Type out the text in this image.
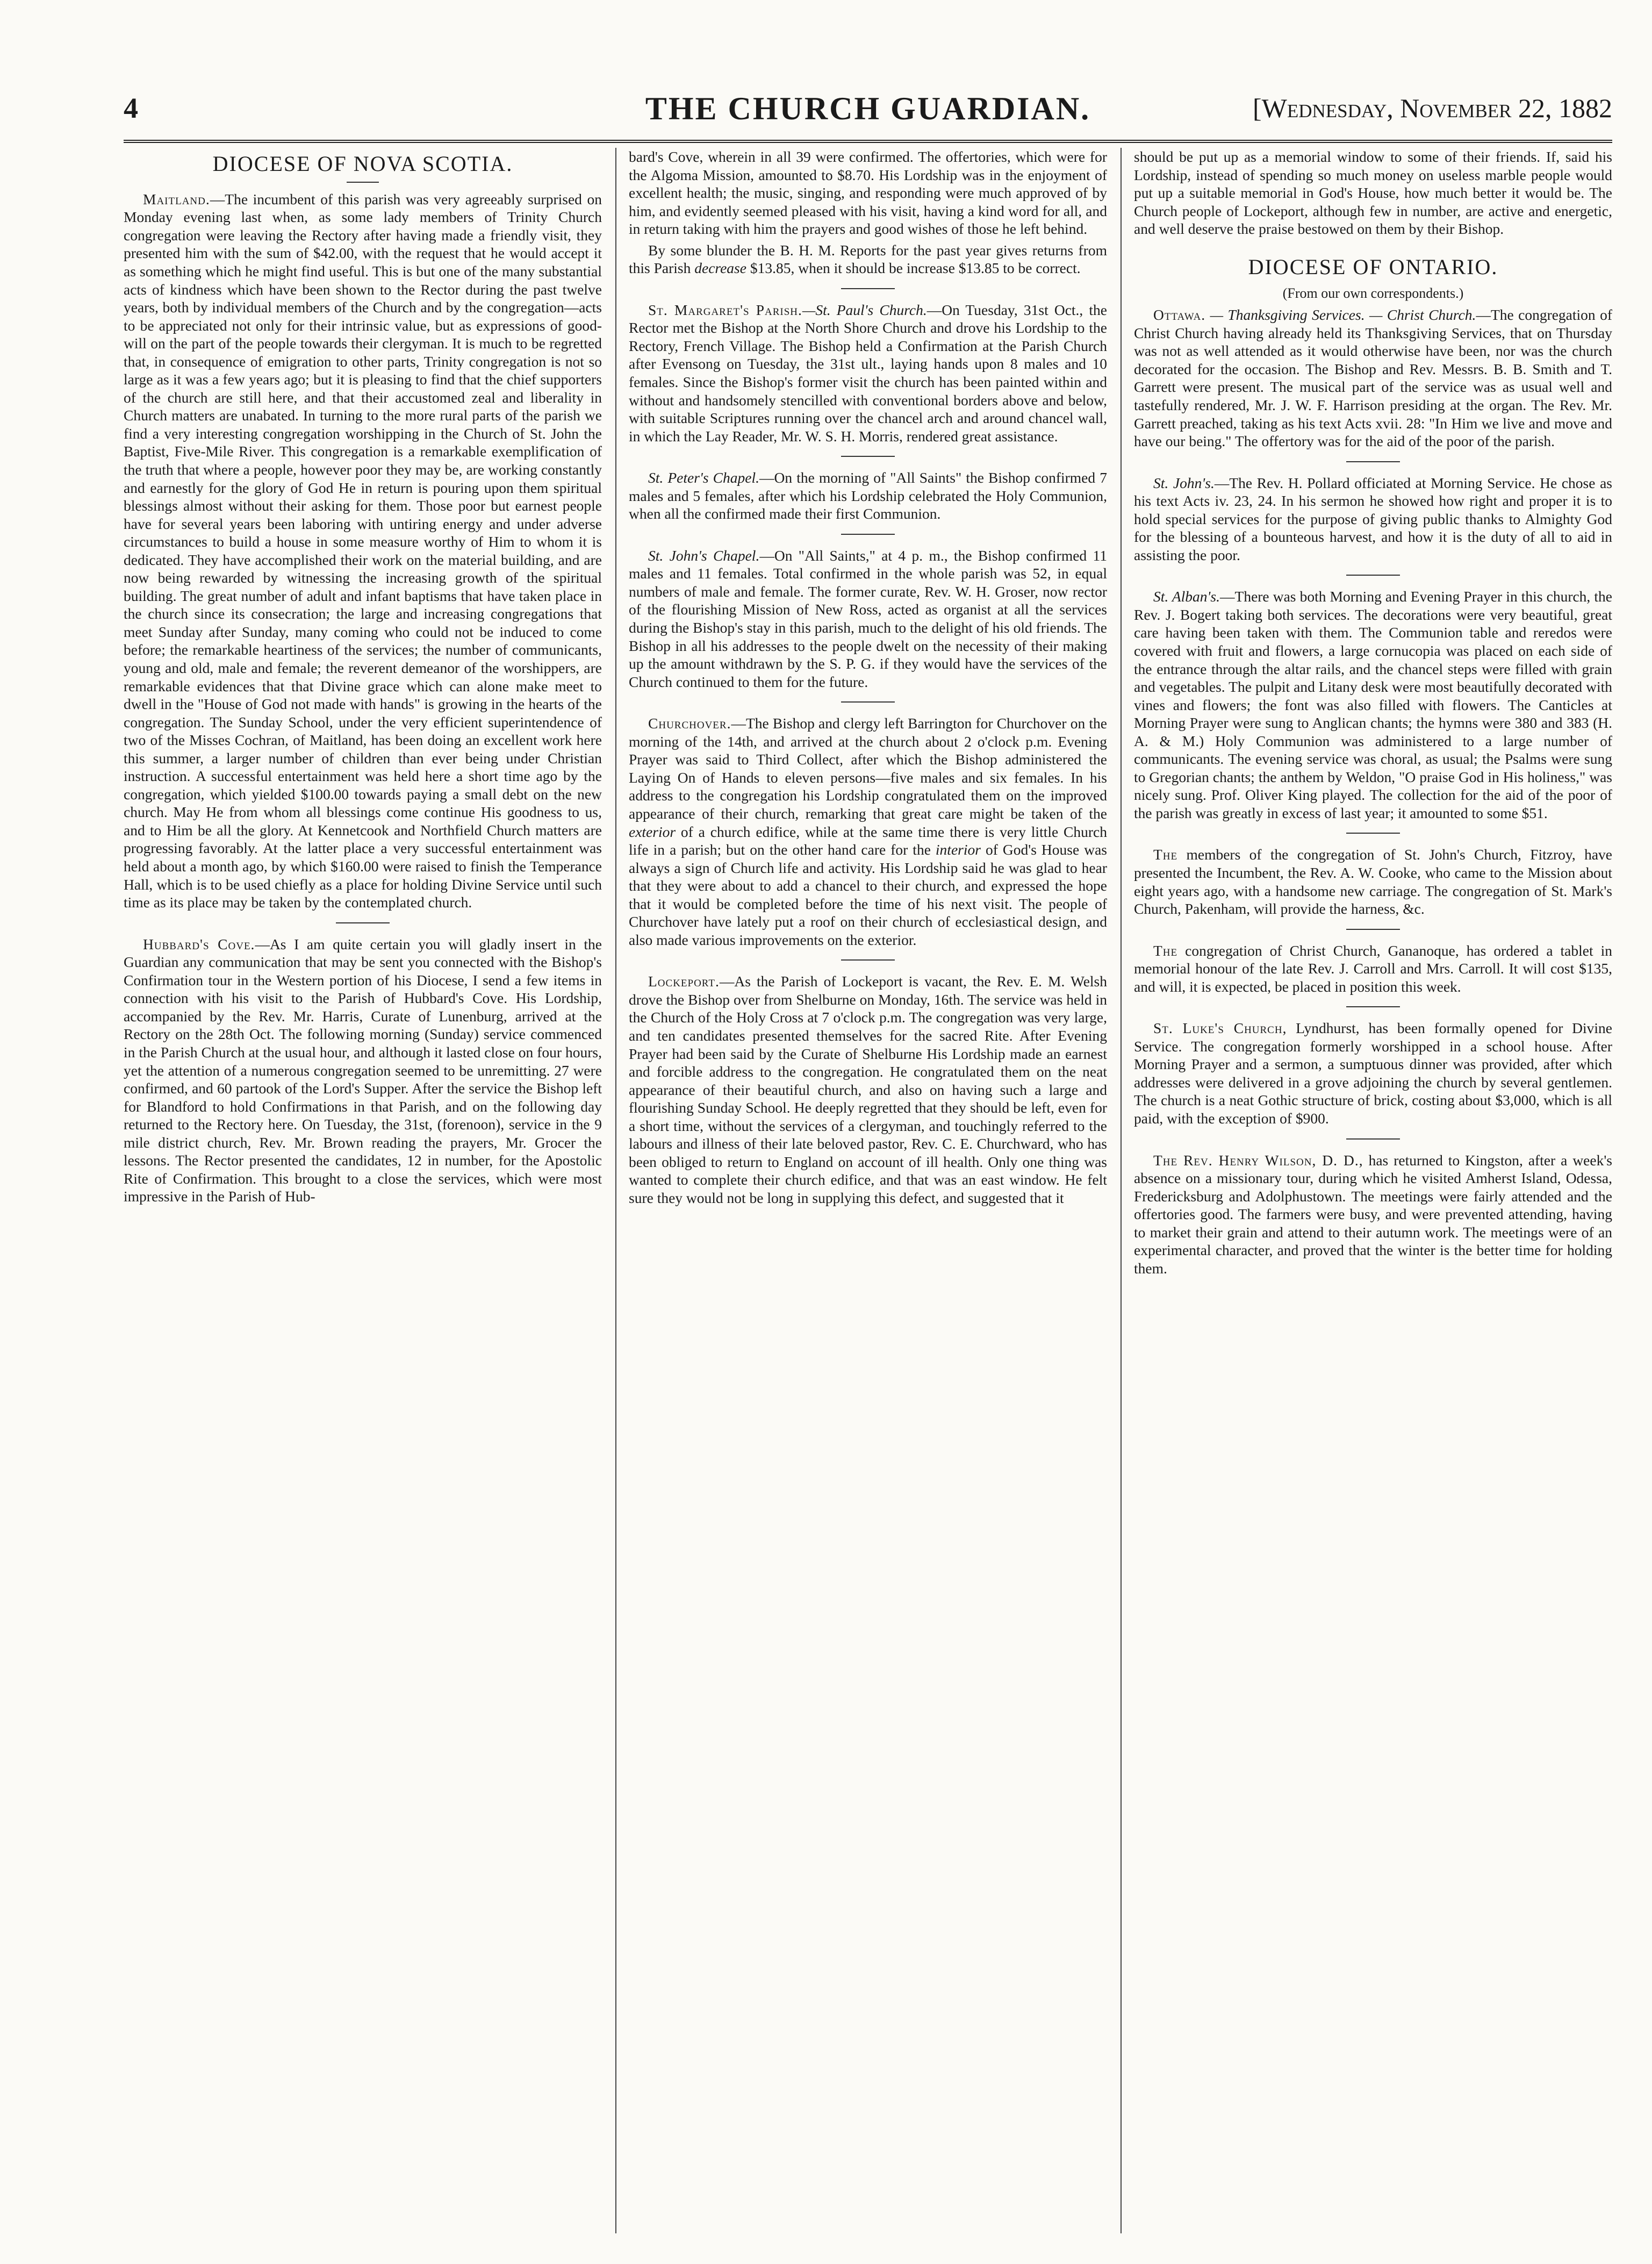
4	THE CHURCH GUARDIAN.	[Wednesday, November 22, 1882
DIOCESE OF NOVA SCOTIA.

Maitland.—The incumbent of this parish was very agreeably surprised on Monday evening last when, as some lady members of Trinity Church congregation were leaving the Rectory after having made a friendly visit, they presented him with the sum of $42.00, with the request that he would accept it as something which he might find useful. This is but one of the many substantial acts of kindness which have been shown to the Rector during the past twelve years, both by individual members of the Church and by the congregation—acts to be appreciated not only for their intrinsic value, but as expressions of good-will on the part of the people towards their clergyman. It is much to be regretted that, in consequence of emigration to other parts, Trinity congregation is not so large as it was a few years ago; but it is pleasing to find that the chief supporters of the church are still here, and that their accustomed zeal and liberality in Church matters are unabated. In turning to the more rural parts of the parish we find a very interesting congregation worshipping in the Church of St. John the Baptist, Five-Mile River. This congregation is a remarkable exemplification of the truth that where a people, however poor they may be, are working constantly and earnestly for the glory of God He in return is pouring upon them spiritual blessings almost without their asking for them. Those poor but earnest people have for several years been laboring with untiring energy and under adverse circumstances to build a house in some measure worthy of Him to whom it is dedicated. They have accomplished their work on the material building, and are now being rewarded by witnessing the increasing growth of the spiritual building. The great number of adult and infant baptisms that have taken place in the church since its consecration; the large and increasing congregations that meet Sunday after Sunday, many coming who could not be induced to come before; the remarkable heartiness of the services; the number of communicants, young and old, male and female; the reverent demeanor of the worshippers, are remarkable evidences that that Divine grace which can alone make meet to dwell in the "House of God not made with hands" is growing in the hearts of the congregation. The Sunday School, under the very efficient superintendence of two of the Misses Cochran, of Maitland, has been doing an excellent work here this summer, a larger number of children than ever being under Christian instruction. A successful entertainment was held here a short time ago by the congregation, which yielded $100.00 towards paying a small debt on the new church. May He from whom all blessings come continue His goodness to us, and to Him be all the glory. At Kennetcook and Northfield Church matters are progressing favorably. At the latter place a very successful entertainment was held about a month ago, by which $160.00 were raised to finish the Temperance Hall, which is to be used chiefly as a place for holding Divine Service until such time as its place may be taken by the contemplated church.

Hubbard's Cove.—As I am quite certain you will gladly insert in the Guardian any communication that may be sent you connected with the Bishop's Confirmation tour in the Western portion of his Diocese, I send a few items in connection with his visit to the Parish of Hubbard's Cove. His Lordship, accompanied by the Rev. Mr. Harris, Curate of Lunenburg, arrived at the Rectory on the 28th Oct. The following morning (Sunday) service commenced in the Parish Church at the usual hour, and although it lasted close on four hours, yet the attention of a numerous congregation seemed to be unremitting. 27 were confirmed, and 60 partook of the Lord's Supper. After the service the Bishop left for Blandford to hold Confirmations in that Parish, and on the following day returned to the Rectory here. On Tuesday, the 31st, (forenoon), service in the 9 mile district church, Rev. Mr. Brown reading the prayers, Mr. Grocer the lessons. The Rector presented the candidates, 12 in number, for the Apostolic Rite of Confirmation. This brought to a close the services, which were most impressive in the Parish of Hub-

bard's Cove, wherein in all 39 were confirmed. The offertories, which were for the Algoma Mission, amounted to $8.70. His Lordship was in the enjoyment of excellent health; the music, singing, and responding were much approved of by him, and evidently seemed pleased with his visit, having a kind word for all, and in return taking with him the prayers and good wishes of those he left behind.

By some blunder the B. H. M. Reports for the past year gives returns from this Parish decrease $13.85, when it should be increase $13.85 to be correct.

St. Margaret's Parish.—St. Paul's Church.—On Tuesday, 31st Oct., the Rector met the Bishop at the North Shore Church and drove his Lordship to the Rectory, French Village. The Bishop held a Confirmation at the Parish Church after Evensong on Tuesday, the 31st ult., laying hands upon 8 males and 10 females. Since the Bishop's former visit the church has been painted within and without and handsomely stencilled with conventional borders above and below, with suitable Scriptures running over the chancel arch and around chancel wall, in which the Lay Reader, Mr. W. S. H. Morris, rendered great assistance.

St. Peter's Chapel.—On the morning of "All Saints" the Bishop confirmed 7 males and 5 females, after which his Lordship celebrated the Holy Communion, when all the confirmed made their first Communion.

St. John's Chapel.—On "All Saints," at 4 p. m., the Bishop confirmed 11 males and 11 females. Total confirmed in the whole parish was 52, in equal numbers of male and female. The former curate, Rev. W. H. Groser, now rector of the flourishing Mission of New Ross, acted as organist at all the services during the Bishop's stay in this parish, much to the delight of his old friends. The Bishop in all his addresses to the people dwelt on the necessity of their making up the amount withdrawn by the S. P. G. if they would have the services of the Church continued to them for the future.

Churchover.—The Bishop and clergy left Barrington for Churchover on the morning of the 14th, and arrived at the church about 2 o'clock p.m. Evening Prayer was said to Third Collect, after which the Bishop administered the Laying On of Hands to eleven persons—five males and six females. In his address to the congregation his Lordship congratulated them on the improved appearance of their church, remarking that great care might be taken of the exterior of a church edifice, while at the same time there is very little Church life in a parish; but on the other hand care for the interior of God's House was always a sign of Church life and activity. His Lordship said he was glad to hear that they were about to add a chancel to their church, and expressed the hope that it would be completed before the time of his next visit. The people of Churchover have lately put a roof on their church of ecclesiastical design, and also made various improvements on the exterior.

Lockeport.—As the Parish of Lockeport is vacant, the Rev. E. M. Welsh drove the Bishop over from Shelburne on Monday, 16th. The service was held in the Church of the Holy Cross at 7 o'clock p.m. The congregation was very large, and ten candidates presented themselves for the sacred Rite. After Evening Prayer had been said by the Curate of Shelburne His Lordship made an earnest and forcible address to the congregation. He congratulated them on the neat appearance of their beautiful church, and also on having such a large and flourishing Sunday School. He deeply regretted that they should be left, even for a short time, without the services of a clergyman, and touchingly referred to the labours and illness of their late beloved pastor, Rev. C. E. Churchward, who has been obliged to return to England on account of ill health. Only one thing was wanted to complete their church edifice, and that was an east window. He felt sure they would not be long in supplying this defect, and suggested that it

should be put up as a memorial window to some of their friends. If, said his Lordship, instead of spending so much money on useless marble people would put up a suitable memorial in God's House, how much better it would be. The Church people of Lockeport, although few in number, are active and energetic, and well deserve the praise bestowed on them by their Bishop.

DIOCESE OF ONTARIO.
(From our own correspondents.)

Ottawa. — Thanksgiving Services. — Christ Church.—The congregation of Christ Church having already held its Thanksgiving Services, that on Thursday was not as well attended as it would otherwise have been, nor was the church decorated for the occasion. The Bishop and Rev. Messrs. B. B. Smith and T. Garrett were present. The musical part of the service was as usual well and tastefully rendered, Mr. J. W. F. Harrison presiding at the organ. The Rev. Mr. Garrett preached, taking as his text Acts xvii. 28: "In Him we live and move and have our being." The offertory was for the aid of the poor of the parish.

St. John's.—The Rev. H. Pollard officiated at Morning Service. He chose as his text Acts iv. 23, 24. In his sermon he showed how right and proper it is to hold special services for the purpose of giving public thanks to Almighty God for the blessing of a bounteous harvest, and how it is the duty of all to aid in assisting the poor.

St. Alban's.—There was both Morning and Evening Prayer in this church, the Rev. J. Bogert taking both services. The decorations were very beautiful, great care having been taken with them. The Communion table and reredos were covered with fruit and flowers, a large cornucopia was placed on each side of the entrance through the altar rails, and the chancel steps were filled with grain and vegetables. The pulpit and Litany desk were most beautifully decorated with vines and flowers; the font was also filled with flowers. The Canticles at Morning Prayer were sung to Anglican chants; the hymns were 380 and 383 (H. A. & M.) Holy Communion was administered to a large number of communicants. The evening service was choral, as usual; the Psalms were sung to Gregorian chants; the anthem by Weldon, "O praise God in His holiness," was nicely sung. Prof. Oliver King played. The collection for the aid of the poor of the parish was greatly in excess of last year; it amounted to some $51.

The members of the congregation of St. John's Church, Fitzroy, have presented the Incumbent, the Rev. A. W. Cooke, who came to the Mission about eight years ago, with a handsome new carriage. The congregation of St. Mark's Church, Pakenham, will provide the harness, &c.

The congregation of Christ Church, Gananoque, has ordered a tablet in memorial honour of the late Rev. J. Carroll and Mrs. Carroll. It will cost $135, and will, it is expected, be placed in position this week.

St. Luke's Church, Lyndhurst, has been formally opened for Divine Service. The congregation formerly worshipped in a school house. After Morning Prayer and a sermon, a sumptuous dinner was provided, after which addresses were delivered in a grove adjoining the church by several gentlemen. The church is a neat Gothic structure of brick, costing about $3,000, which is all paid, with the exception of $900.

The Rev. Henry Wilson, D. D., has returned to Kingston, after a week's absence on a missionary tour, during which he visited Amherst Island, Odessa, Fredericksburg and Adolphustown. The meetings were fairly attended and the offertories good. The farmers were busy, and were prevented attending, having to market their grain and attend to their autumn work. The meetings were of an experimental character, and proved that the winter is the better time for holding them.
